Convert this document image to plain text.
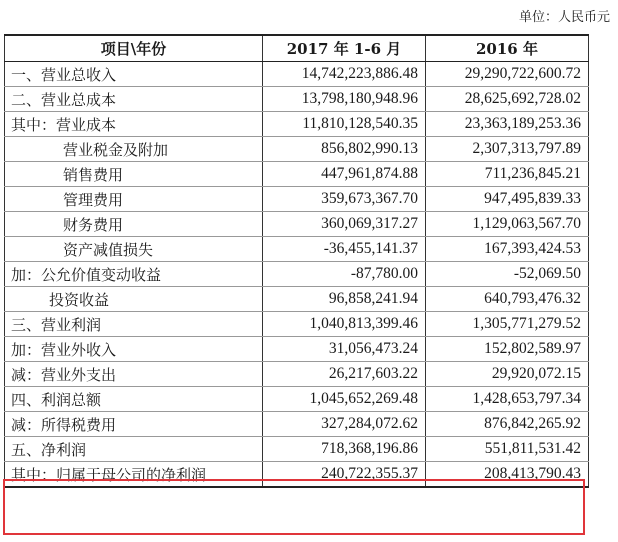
单位：人民币元
项目\年份	2017 年 1-6 月	2016 年
一、营业总收入	14,742,223,886.48	29,290,722,600.72
二、营业总成本	13,798,180,948.96	28,625,692,728.02
其中：营业成本	11,810,128,540.35	23,363,189,253.36
营业税金及附加	856,802,990.13	2,307,313,797.89
销售费用	447,961,874.88	711,236,845.21
管理费用	359,673,367.70	947,495,839.33
财务费用	360,069,317.27	1,129,063,567.70
资产减值损失	-36,455,141.37	167,393,424.53
加：公允价值变动收益	-87,780.00	-52,069.50
投资收益	96,858,241.94	640,793,476.32
三、营业利润	1,040,813,399.46	1,305,771,279.52
加：营业外收入	31,056,473.24	152,802,589.97
减：营业外支出	26,217,603.22	29,920,072.15
四、利润总额	1,045,652,269.48	1,428,653,797.34
减：所得税费用	327,284,072.62	876,842,265.92
五、净利润	718,368,196.86	551,811,531.42
其中：归属于母公司的净利润	240,722,355.37	208,413,790.43
